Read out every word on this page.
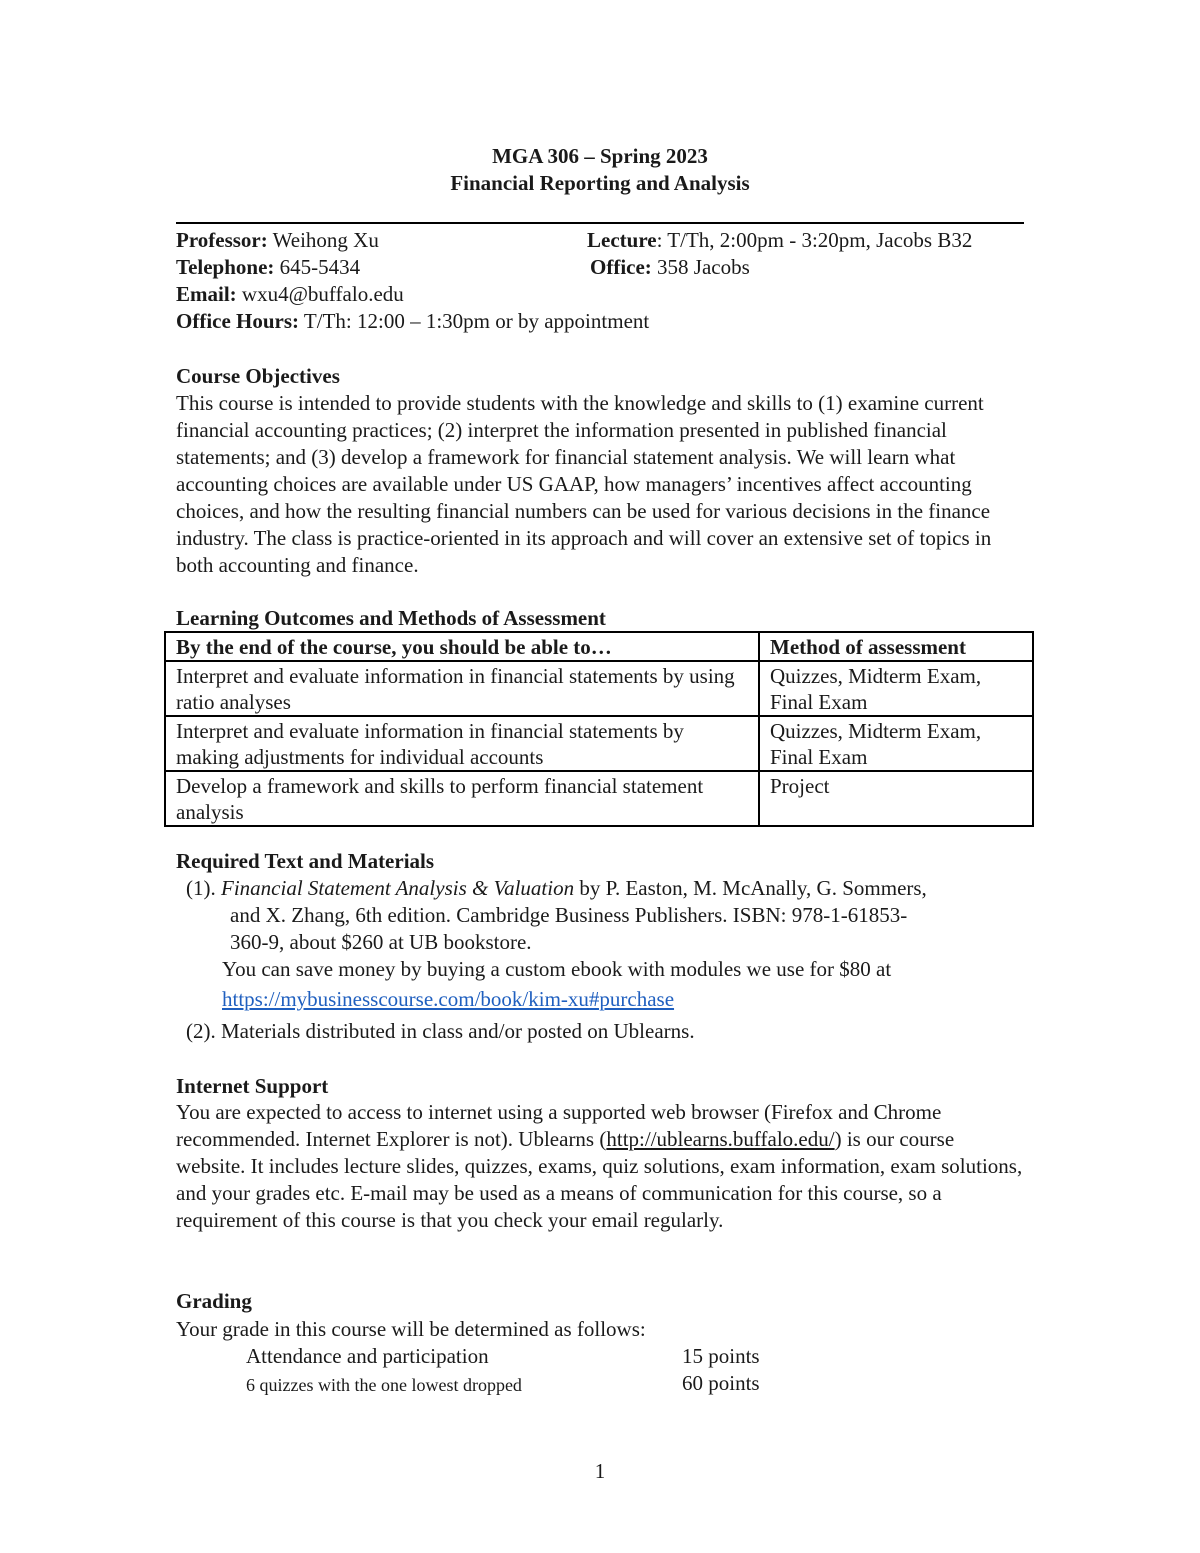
MGA 306 – Spring 2023
Financial Reporting and Analysis
Professor: Weihong Xu	Lecture: T/Th, 2:00pm - 3:20pm, Jacobs B32
Telephone: 645-5434	Office: 358 Jacobs
Email: wxu4@buffalo.edu
Office Hours: T/Th: 12:00 – 1:30pm or by appointment
Course Objectives

This course is intended to provide students with the knowledge and skills to (1) examine current financial accounting practices; (2) interpret the information presented in published financial statements; and (3) develop a framework for financial statement analysis. We will learn what accounting choices are available under US GAAP, how managers’ incentives affect accounting choices, and how the resulting financial numbers can be used for various decisions in the finance industry. The class is practice-oriented in its approach and will cover an extensive set of topics in both accounting and finance.

Learning Outcomes and Methods of Assessment
By the end of the course, you should be able to…	Method of assessment
Interpret and evaluate information in financial statements by using ratio analyses	Quizzes, Midterm Exam, Final Exam
Interpret and evaluate information in financial statements by making adjustments for individual accounts	Quizzes, Midterm Exam, Final Exam
Develop a framework and skills to perform financial statement analysis	Project
Required Text and Materials
(1). Financial Statement Analysis & Valuation by P. Easton, M. McAnally, G. Sommers,
and X. Zhang, 6th edition. Cambridge Business Publishers. ISBN: 978-1-61853-
360-9, about $260 at UB bookstore.
You can save money by buying a custom ebook with modules we use for $80 at
https://mybusinesscourse.com/book/kim-xu#purchase
(2). Materials distributed in class and/or posted on Ublearns.
Internet Support

You are expected to access to internet using a supported web browser (Firefox and Chrome recommended. Internet Explorer is not). Ublearns (http://ublearns.buffalo.edu/) is our course website. It includes lecture slides, quizzes, exams, quiz solutions, exam information, exam solutions, and your grades etc. E-mail may be used as a means of communication for this course, so a requirement of this course is that you check your email regularly.

Grading
Your grade in this course will be determined as follows:
Attendance and participation	15 points
6 quizzes with the one lowest dropped	60 points
1
